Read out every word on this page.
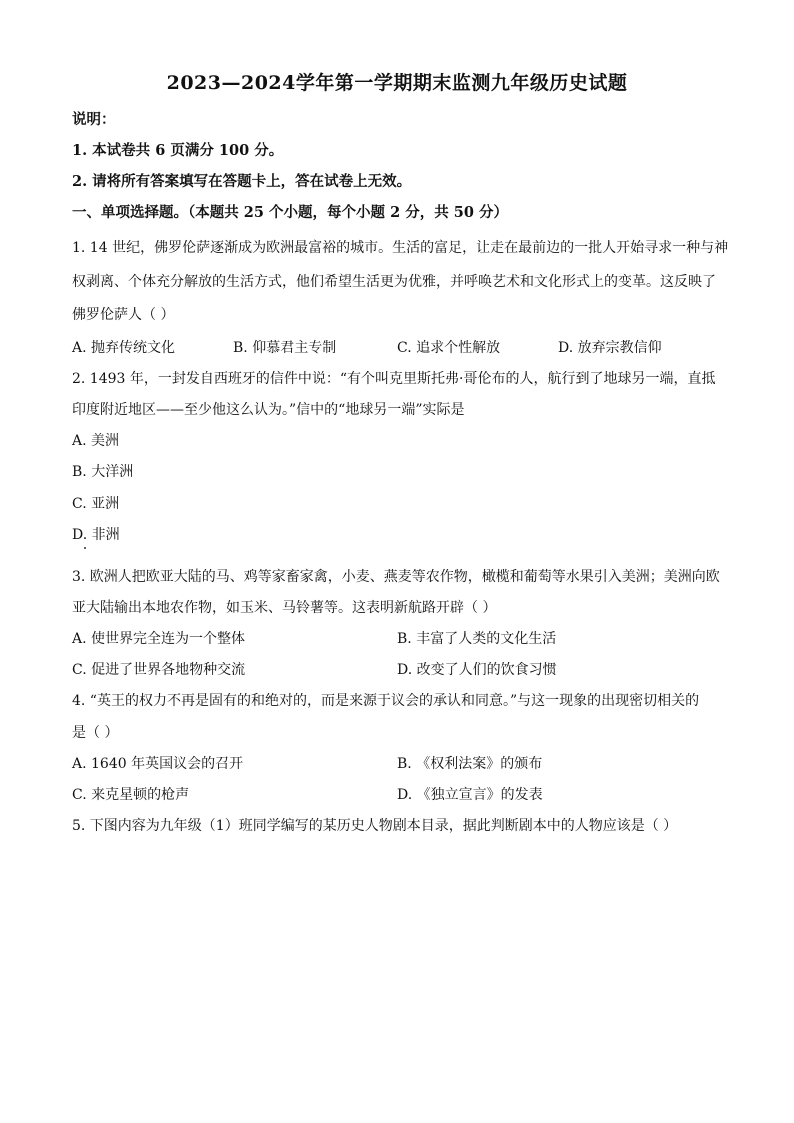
2023—2024学年第一学期期末监测九年级历史试题
说明：
1. 本试卷共 6 页满分 100 分。
2. 请将所有答案填写在答题卡上，答在试卷上无效。
一、单项选择题。（本题共 25 个小题，每个小题 2 分，共 50 分）
1. 14 世纪，佛罗伦萨逐渐成为欧洲最富裕的城市。生活的富足，让走在最前边的一批人开始寻求一种与神
权剥离、个体充分解放的生活方式，他们希望生活更为优雅，并呼唤艺术和文化形式上的变革。这反映了
佛罗伦萨人（ ）
A. 抛弃传统文化	B. 仰慕君主专制	C. 追求个性解放	D. 放弃宗教信仰
2. 1493 年，一封发自西班牙的信件中说：“有个叫克里斯托弗·哥伦布的人，航行到了地球另一端，直抵
印度附近地区——至少他这么认为。”信中的“地球另一端”实际是
A. 美洲
B. 大洋洲
C. 亚洲
D. 非洲
3. 欧洲人把欧亚大陆的马、鸡等家畜家禽，小麦、燕麦等农作物，橄榄和葡萄等水果引入美洲；美洲向欧
亚大陆输出本地农作物，如玉米、马铃薯等。这表明新航路开辟（ ）
A. 使世界完全连为一个整体	B. 丰富了人类的文化生活
C. 促进了世界各地物种交流	D. 改变了人们的饮食习惯
4. “英王的权力不再是固有的和绝对的，而是来源于议会的承认和同意。”与这一现象的出现密切相关的
是（ ）
A. 1640 年英国议会的召开	B. 《权利法案》的颁布
C. 来克星顿的枪声	D. 《独立宣言》的发表
5. 下图内容为九年级（1）班同学编写的某历史人物剧本目录，据此判断剧本中的人物应该是（ ）
